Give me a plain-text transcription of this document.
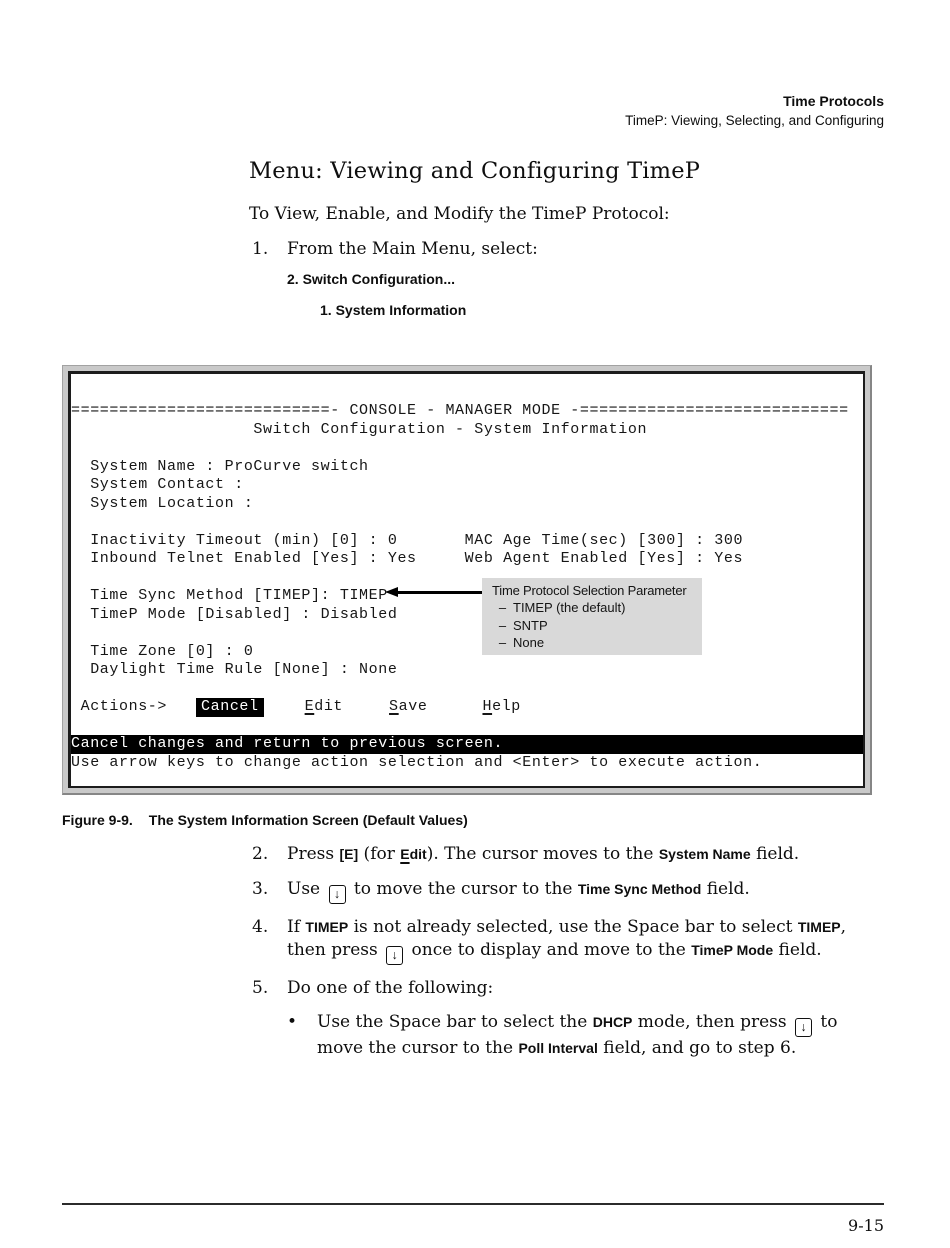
Time Protocols
TimeP: Viewing, Selecting, and Configuring
Menu: Viewing and Configuring TimeP
To View, Enable, and Modify the TimeP Protocol:
1.	From the Main Menu, select:
2. Switch Configuration...
1. System Information
===========================- CONSOLE - MANAGER MODE -============================
Switch Configuration - System Information
System Name : ProCurve switch
System Contact :
System Location :
Inactivity Timeout (min) [0] : 0       MAC Age Time(sec) [300] : 300
Inbound Telnet Enabled [Yes] : Yes     Web Agent Enabled [Yes] : Yes
Time Sync Method [TIMEP]: TIMEP
TimeP Mode [Disabled] : Disabled
Time Zone [0] : 0
Daylight Time Rule [None] : None
Actions-> Cancel	Edit	Save	Help
Cancel changes and return to previous screen.
Use arrow keys to change action selection and <Enter> to execute action.
Time Protocol Selection Parameter
– TIMEP (the default)
– SNTP
– None
Figure 9-9. The System Information Screen (Default Values)
2.	Press [E] (for Edit). The cursor moves to the System Name field.
3.	Use ↓ to move the cursor to the Time Sync Method field.
4.	If TIMEP is not already selected, use the Space bar to select TIMEP, then press ↓ once to display and move to the TimeP Mode field.
5.	Do one of the following:
•	Use the Space bar to select the DHCP mode, then press ↓ to move the cursor to the Poll Interval field, and go to step 6.
9-15
